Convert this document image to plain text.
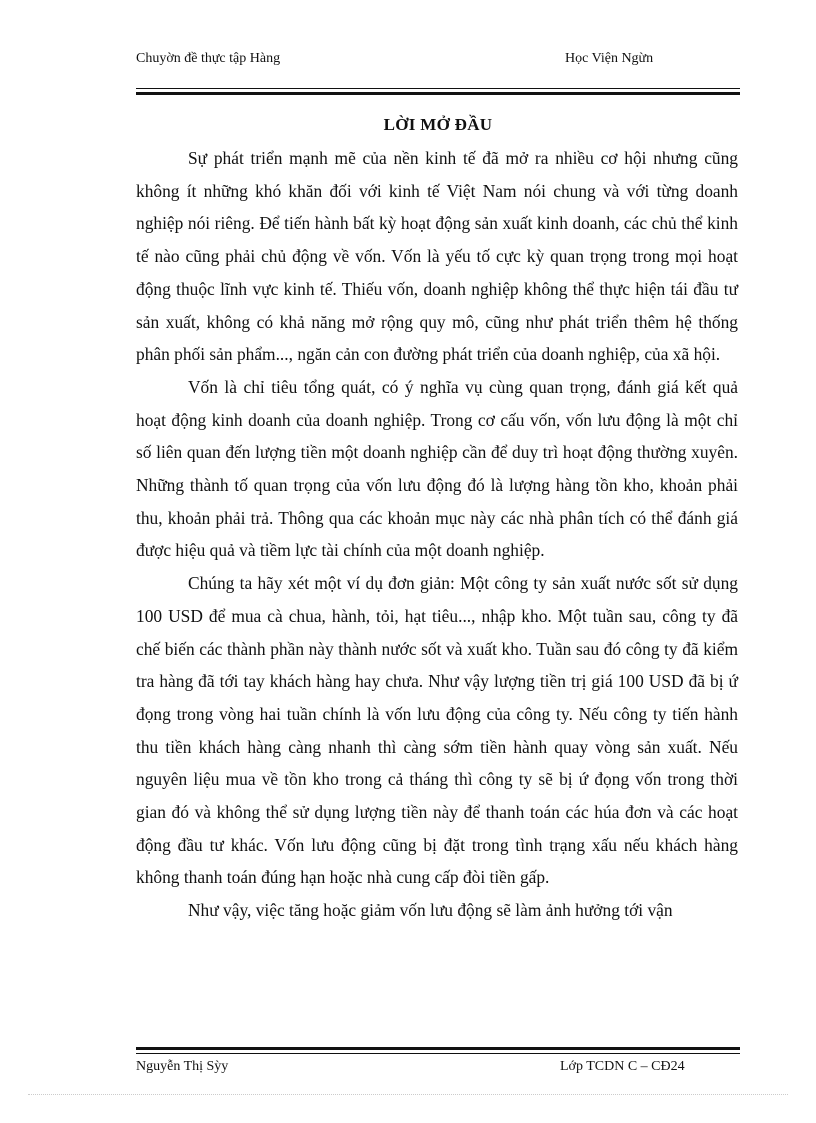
Chuyờn đề thực tập Hàng	Học Viện Ngừn
LỜI MỞ ĐẦU

Sự phát triển mạnh mẽ của nền kinh tế đã mở ra nhiều cơ hội nhưng cũng không ít những khó khăn đối với kinh tế Việt Nam nói chung và với từng doanh nghiệp nói riêng. Để tiến hành bất kỳ hoạt động sản xuất kinh doanh, các chủ thể kinh tế nào cũng phải chủ động về vốn. Vốn là yếu tố cực kỳ quan trọng trong mọi hoạt động thuộc lĩnh vực kinh tế. Thiếu vốn, doanh nghiệp không thể thực hiện tái đầu tư sản xuất, không có khả năng mở rộng quy mô, cũng như phát triển thêm hệ thống phân phối sản phẩm..., ngăn cản con đường phát triển của doanh nghiệp, của xã hội.

Vốn là chỉ tiêu tổng quát, có ý nghĩa vụ cùng quan trọng, đánh giá kết quả hoạt động kinh doanh của doanh nghiệp. Trong cơ cấu vốn, vốn lưu động là một chỉ số liên quan đến lượng tiền một doanh nghiệp cần để duy trì hoạt động thường xuyên. Những thành tố quan trọng của vốn lưu động đó là lượng hàng tồn kho, khoản phải thu, khoản phải trả. Thông qua các khoản mục này các nhà phân tích có thể đánh giá được hiệu quả và tiềm lực tài chính của một doanh nghiệp.

Chúng ta hãy xét một ví dụ đơn giản: Một công ty sản xuất nước sốt sử dụng 100 USD để mua cà chua, hành, tỏi, hạt tiêu..., nhập kho. Một tuần sau, công ty đã chế biến các thành phần này thành nước sốt và xuất kho. Tuần sau đó công ty đã kiểm tra hàng đã tới tay khách hàng hay chưa. Như vậy lượng tiền trị giá 100 USD đã bị ứ đọng trong vòng hai tuần chính là vốn lưu động của công ty. Nếu công ty tiến hành thu tiền khách hàng càng nhanh thì càng sớm tiền hành quay vòng sản xuất. Nếu nguyên liệu mua về tồn kho trong cả tháng thì công ty sẽ bị ứ đọng vốn trong thời gian đó và không thể sử dụng lượng tiền này để thanh toán các húa đơn và các hoạt động đầu tư khác. Vốn lưu động cũng bị đặt trong tình trạng xấu nếu khách hàng không thanh toán đúng hạn hoặc nhà cung cấp đòi tiền gấp.

Như vậy, việc tăng hoặc giảm vốn lưu động sẽ làm ảnh hưởng tới vận

Nguyễn Thị Sỳy	Lớp TCDN C – CĐ24
